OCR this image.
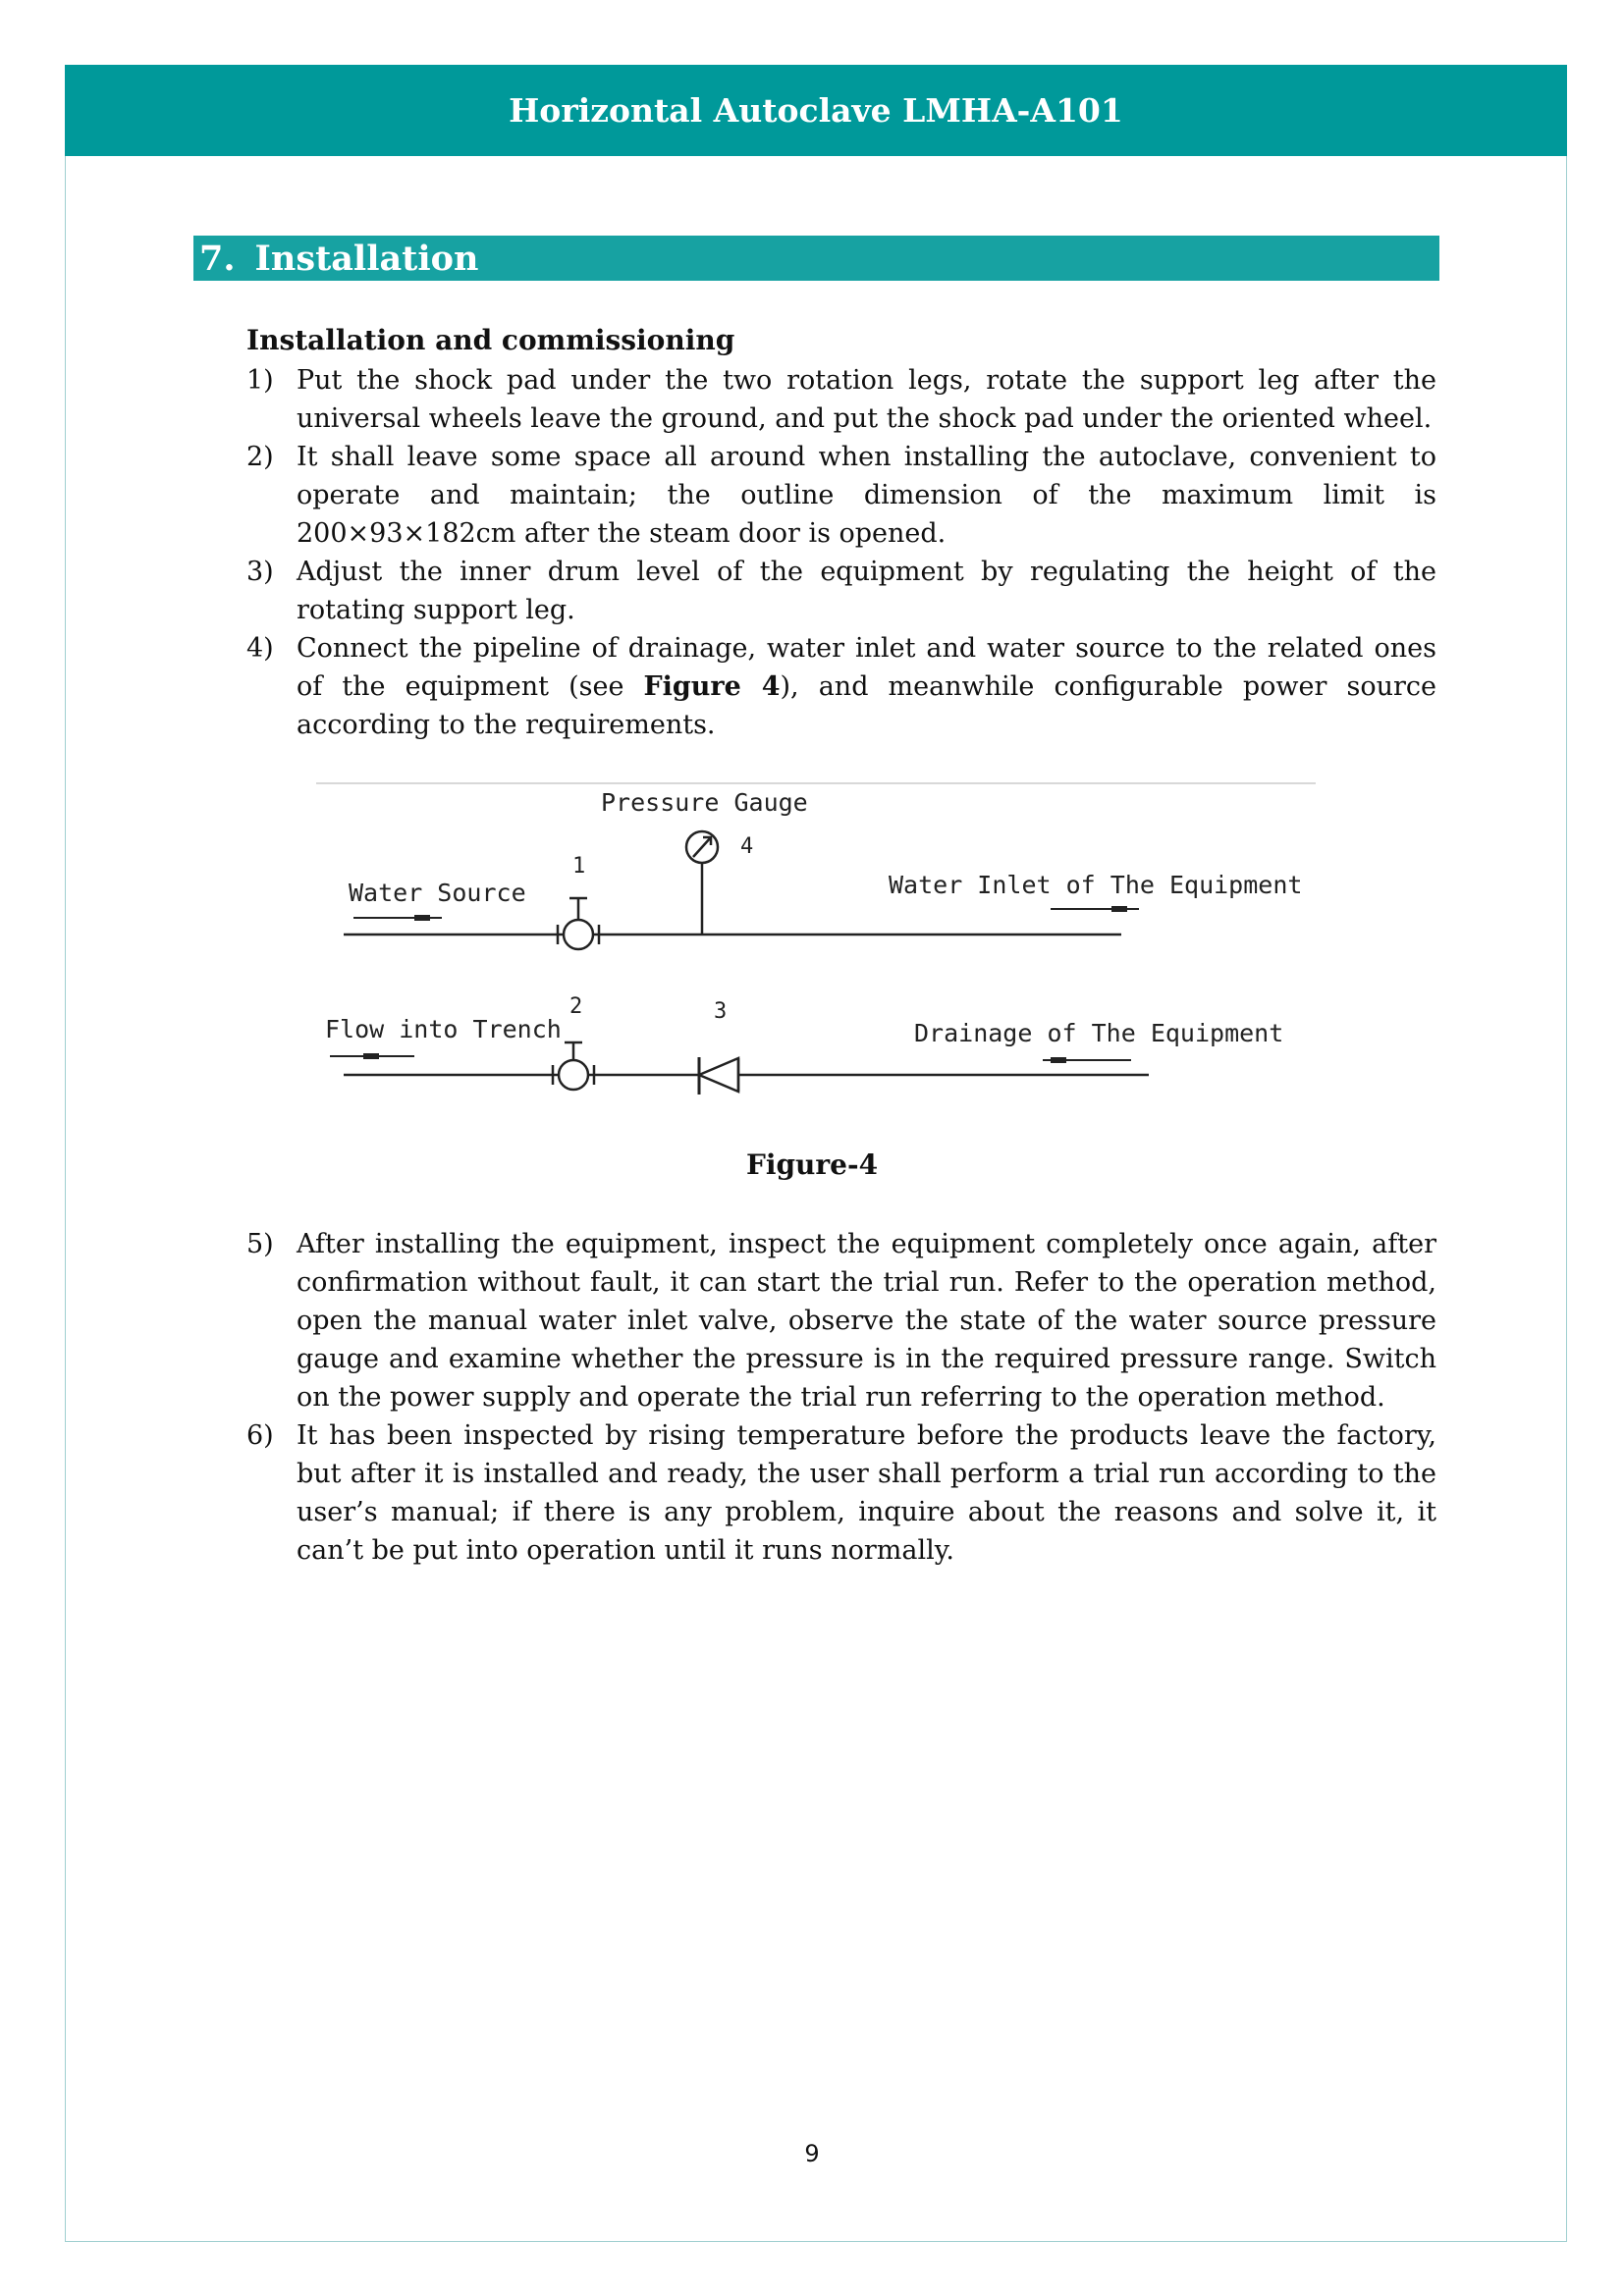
Horizontal Autoclave LMHA-A101
7. Installation
Installation and commissioning
1) Put the shock pad under the two rotation legs, rotate the support leg after the universal wheels leave the ground, and put the shock pad under the oriented wheel.
2) It shall leave some space all around when installing the autoclave, convenient to operate and maintain; the outline dimension of the maximum limit is 200×93×182cm after the steam door is opened.
3) Adjust the inner drum level of the equipment by regulating the height of the rotating support leg.
4) Connect the pipeline of drainage, water inlet and water source to the related ones of the equipment (see Figure 4), and meanwhile configurable power source according to the requirements.
Pressure Gauge
4
Water Source
1
Water Inlet of The Equipment
2	3
Flow into Trench	Drainage of The Equipment
Figure-4
5) After installing the equipment, inspect the equipment completely once again, after confirmation without fault, it can start the trial run. Refer to the operation method, open the manual water inlet valve, observe the state of the water source pressure gauge and examine whether the pressure is in the required pressure range. Switch on the power supply and operate the trial run referring to the operation method.
6) It has been inspected by rising temperature before the products leave the factory, but after it is installed and ready, the user shall perform a trial run according to the user’s manual; if there is any problem, inquire about the reasons and solve it, it can’t be put into operation until it runs normally.
9
